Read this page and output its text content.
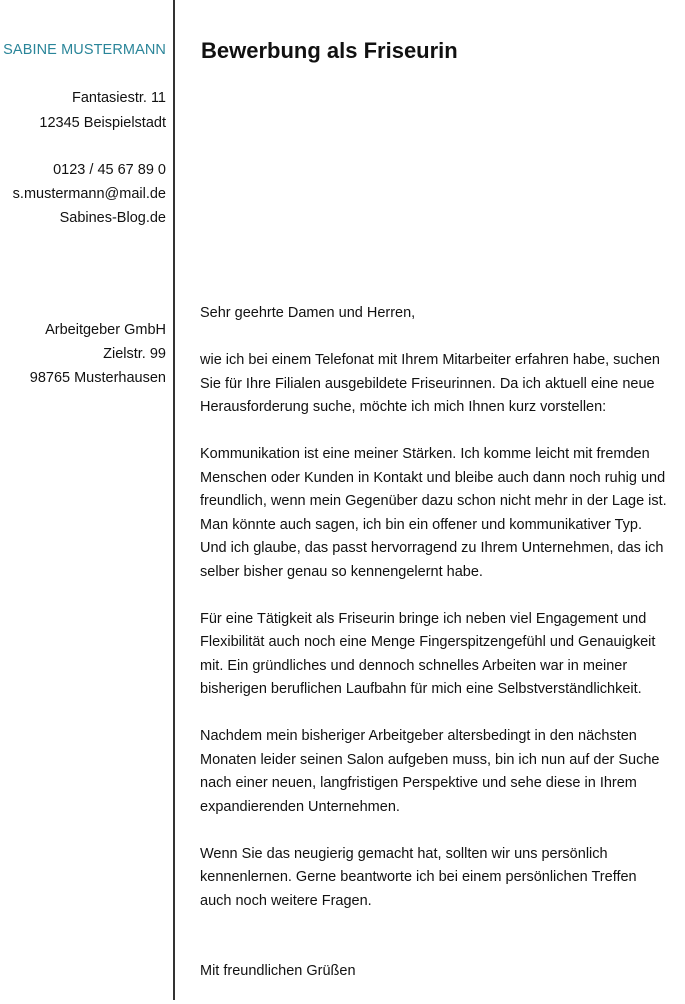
SABINE MUSTERMANN
Fantasiestr. 11
12345 Beispielstadt
0123 / 45 67 89 0
s.mustermann@mail.de
Sabines-Blog.de
Arbeitgeber GmbH
Zielstr. 99
98765 Musterhausen
Bewerbung als Friseurin

Sehr geehrte Damen und Herren,

wie ich bei einem Telefonat mit Ihrem Mitarbeiter erfahren habe, suchen
Sie für Ihre Filialen ausgebildete Friseurinnen. Da ich aktuell eine neue
Herausforderung suche, möchte ich mich Ihnen kurz vorstellen:

Kommunikation ist eine meiner Stärken. Ich komme leicht mit fremden
Menschen oder Kunden in Kontakt und bleibe auch dann noch ruhig und
freundlich, wenn mein Gegenüber dazu schon nicht mehr in der Lage ist.
Man könnte auch sagen, ich bin ein offener und kommunikativer Typ.
Und ich glaube, das passt hervorragend zu Ihrem Unternehmen, das ich
selber bisher genau so kennengelernt habe.

Für eine Tätigkeit als Friseurin bringe ich neben viel Engagement und
Flexibilität auch noch eine Menge Fingerspitzengefühl und Genauigkeit
mit. Ein gründliches und dennoch schnelles Arbeiten war in meiner
bisherigen beruflichen Laufbahn für mich eine Selbstverständlichkeit.

Nachdem mein bisheriger Arbeitgeber altersbedingt in den nächsten
Monaten leider seinen Salon aufgeben muss, bin ich nun auf der Suche
nach einer neuen, langfristigen Perspektive und sehe diese in Ihrem
expandierenden Unternehmen.

Wenn Sie das neugierig gemacht hat, sollten wir uns persönlich
kennenlernen. Gerne beantworte ich bei einem persönlichen Treffen
auch noch weitere Fragen.

Mit freundlichen Grüßen
